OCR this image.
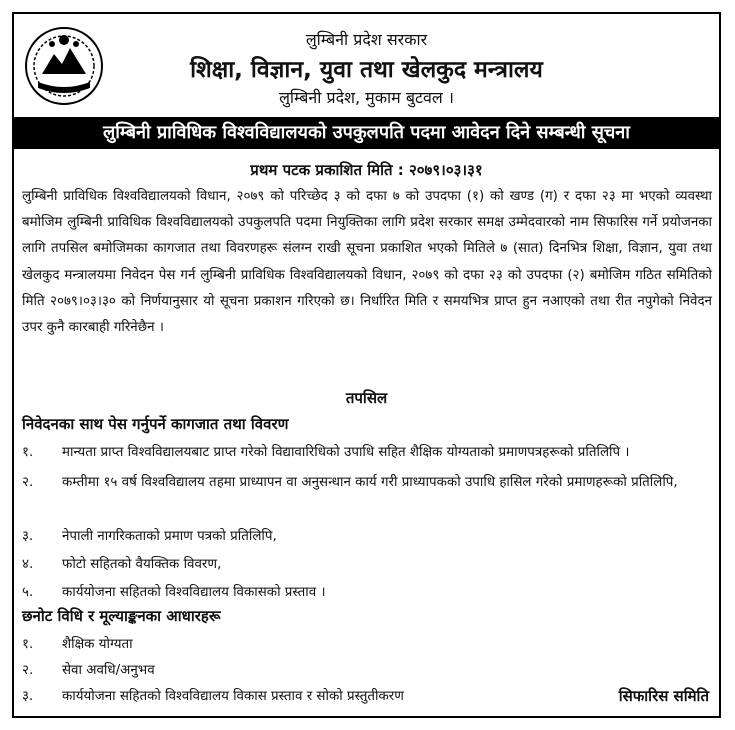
लुम्बिनी प्रदेश सरकार
शिक्षा, विज्ञान, युवा तथा खेलकुद मन्त्रालय
लुम्बिनी प्रदेश, मुकाम बुटवल ।
लुम्बिनी प्राविधिक विश्वविद्यालयको उपकुलपति पदमा आवेदन दिने सम्बन्धी सूचना
प्रथम पटक प्रकाशित मिति : २०७९।०३।३१
लुम्बिनी प्राविधिक विश्वविद्यालयको विधान, २०७९ को परिच्छेद ३ को दफा ७ को उपदफा (१) को खण्ड (ग) र दफा २३ मा भएको व्यवस्था बमोजिम लुम्बिनी प्राविधिक विश्वविद्यालयको उपकुलपति पदमा नियुक्तिका लागि प्रदेश सरकार समक्ष उम्मेदवारको नाम सिफारिस गर्ने प्रयोजनका लागि तपसिल बमोजिमका कागजात तथा विवरणहरू संलग्न राखी सूचना प्रकाशित भएको मितिले ७ (सात) दिनभित्र शिक्षा, विज्ञान, युवा तथा खेलकुद मन्त्रालयमा निवेदन पेस गर्न लुम्बिनी प्राविधिक विश्वविद्यालयको विधान, २०७९ को दफा २३ को उपदफा (२) बमोजिम गठित समितिको मिति २०७९।०३।३० को निर्णयानुसार यो सूचना प्रकाशन गरिएको छ। निर्धारित मिति र समयभित्र प्राप्त हुन नआएको तथा रीत नपुगेको निवेदन उपर कुनै कारबाही गरिनेछैन ।
तपसिल
निवेदनका साथ पेस गर्नुपर्ने कागजात तथा विवरण
१. मान्यता प्राप्त विश्वविद्यालयबाट प्राप्त गरेको विद्यावारिधिको उपाधि सहित शैक्षिक योग्यताको प्रमाणपत्रहरूको प्रतिलिपि ।
२. कम्तीमा १५ वर्ष विश्वविद्यालय तहमा प्राध्यापन वा अनुसन्धान कार्य गरी प्राध्यापकको उपाधि हासिल गरेको प्रमाणहरूको प्रतिलिपि,
३. नेपाली नागरिकताको प्रमाण पत्रको प्रतिलिपि,
४. फोटो सहितको वैयक्तिक विवरण,
५. कार्ययोजना सहितको विश्वविद्यालय विकासको प्रस्ताव ।
छनोट विधि र मूल्याङ्कनका आधारहरू
१. शैक्षिक योग्यता
२. सेवा अवधि/अनुभव
३. कार्ययोजना सहितको विश्वविद्यालय विकास प्रस्ताव र सोको प्रस्तुतीकरण	सिफारिस समिति
